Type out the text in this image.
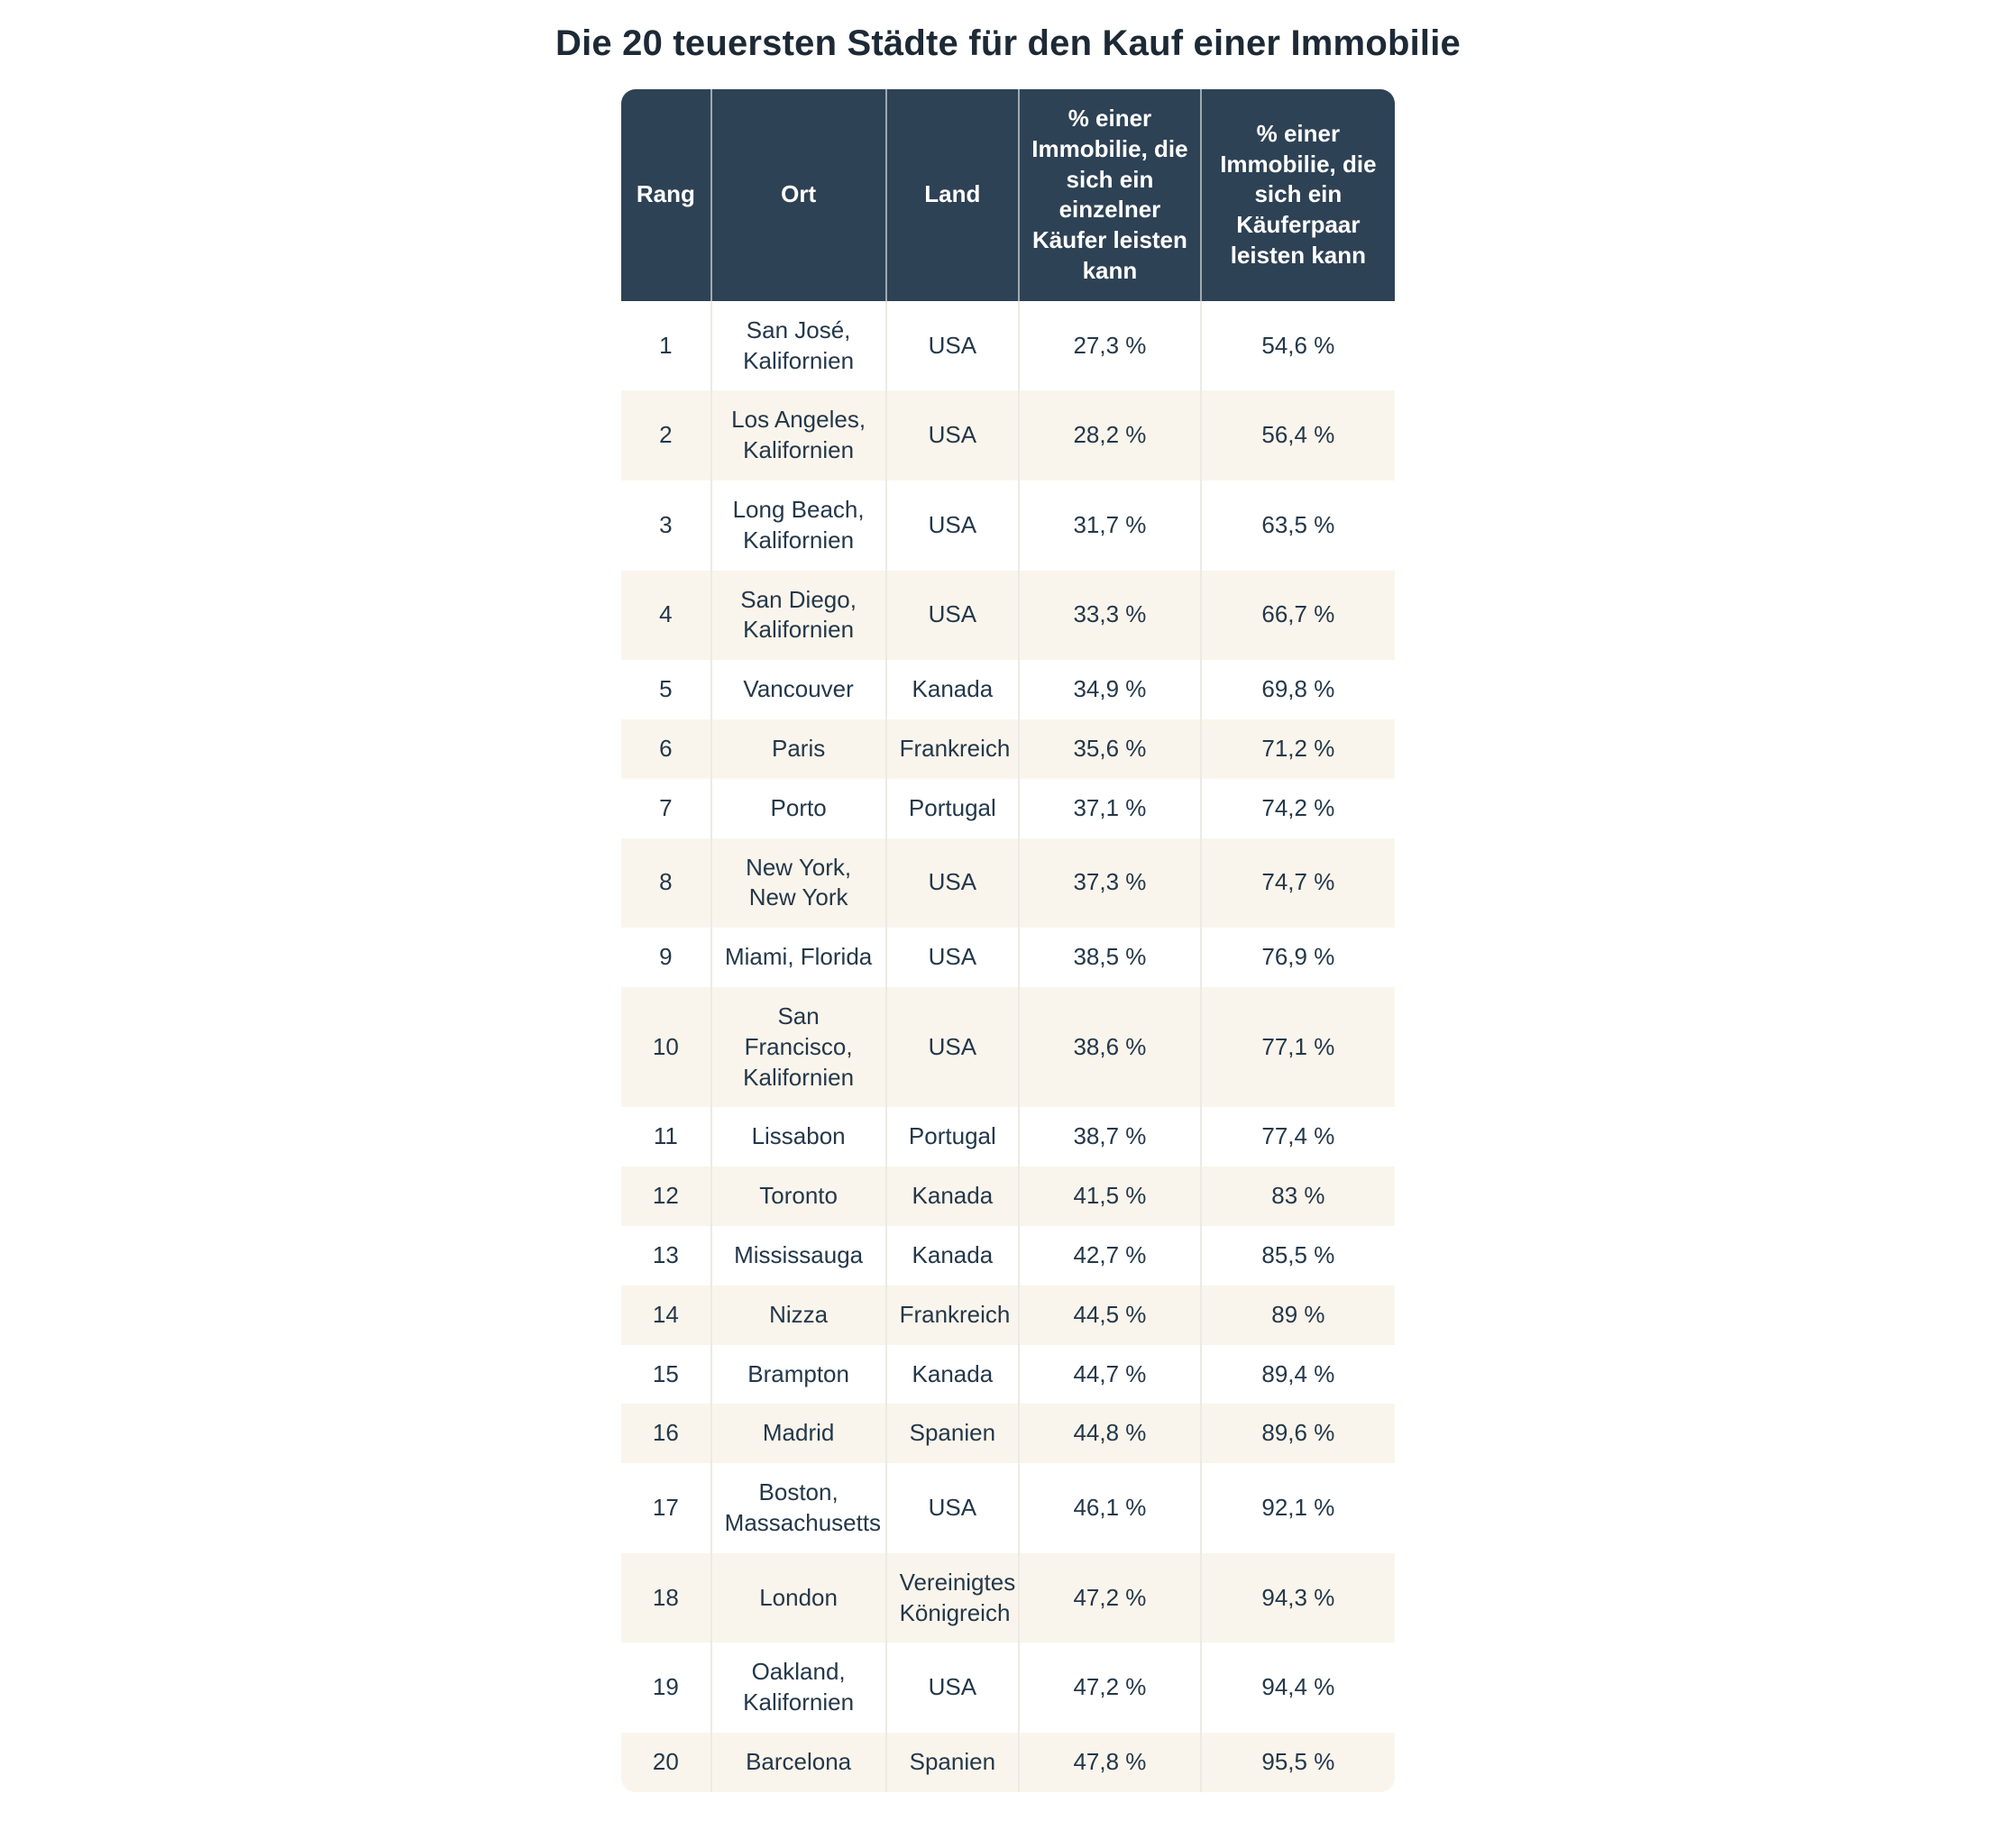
Die 20 teuersten Städte für den Kauf einer Immobilie
Rang	Ort	Land	% einer Immobilie, die sich ein einzelner Käufer leisten kann	% einer Immobilie, die sich ein Käuferpaar leisten kann
1	San José, Kalifornien	USA	27,3 %	54,6 %
2	Los Angeles, Kalifornien	USA	28,2 %	56,4 %
3	Long Beach, Kalifornien	USA	31,7 %	63,5 %
4	San Diego, Kalifornien	USA	33,3 %	66,7 %
5	Vancouver	Kanada	34,9 %	69,8 %
6	Paris	Frankreich	35,6 %	71,2 %
7	Porto	Portugal	37,1 %	74,2 %
8	New York, New York	USA	37,3 %	74,7 %
9	Miami, Florida	USA	38,5 %	76,9 %
10	San Francisco, Kalifornien	USA	38,6 %	77,1 %
11	Lissabon	Portugal	38,7 %	77,4 %
12	Toronto	Kanada	41,5 %	83 %
13	Mississauga	Kanada	42,7 %	85,5 %
14	Nizza	Frankreich	44,5 %	89 %
15	Brampton	Kanada	44,7 %	89,4 %
16	Madrid	Spanien	44,8 %	89,6 %
17	Boston, Massachusetts	USA	46,1 %	92,1 %
18	London	Vereinigtes Königreich	47,2 %	94,3 %
19	Oakland, Kalifornien	USA	47,2 %	94,4 %
20	Barcelona	Spanien	47,8 %	95,5 %
